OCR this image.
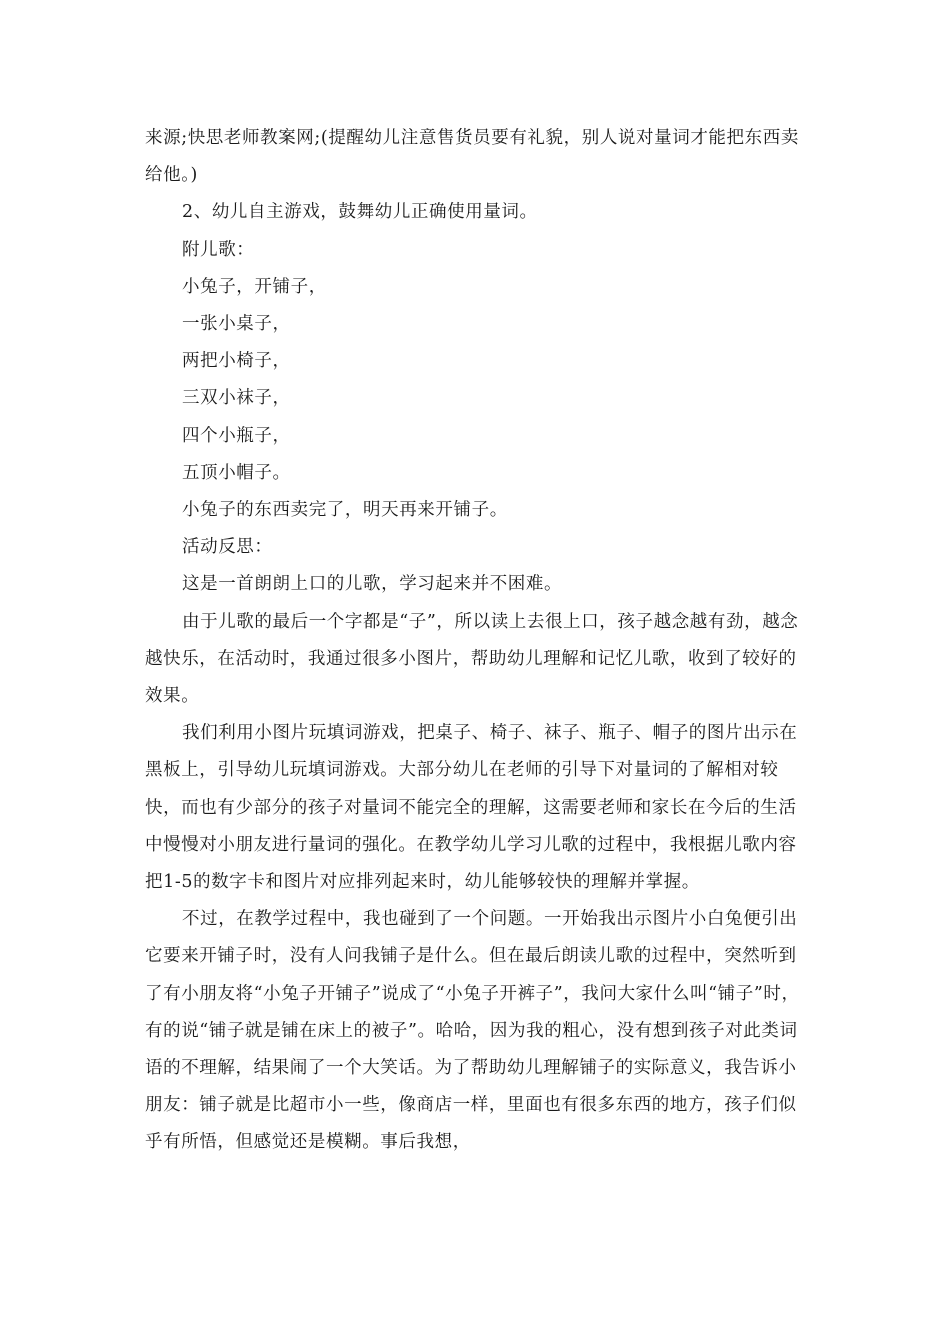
来源;快思老师教案网;(提醒幼儿注意售货员要有礼貌，别人说对量词才能把东西卖给他。)

2、幼儿自主游戏，鼓舞幼儿正确使用量词。

附儿歌：

小兔子，开铺子，

一张小桌子，

两把小椅子，

三双小袜子，

四个小瓶子，

五顶小帽子。

小兔子的东西卖完了，明天再来开铺子。

活动反思：

这是一首朗朗上口的儿歌，学习起来并不困难。

由于儿歌的最后一个字都是“子”，所以读上去很上口，孩子越念越有劲，越念越快乐，在活动时，我通过很多小图片，帮助幼儿理解和记忆儿歌，收到了较好的效果。

我们利用小图片玩填词游戏，把桌子、椅子、袜子、瓶子、帽子的图片出示在黑板上，引导幼儿玩填词游戏。大部分幼儿在老师的引导下对量词的了解相对较快，而也有少部分的孩子对量词不能完全的理解，这需要老师和家长在今后的生活中慢慢对小朋友进行量词的强化。在教学幼儿学习儿歌的过程中，我根据儿歌内容把1-5的数字卡和图片对应排列起来时，幼儿能够较快的理解并掌握。

不过，在教学过程中，我也碰到了一个问题。一开始我出示图片小白兔便引出它要来开铺子时，没有人问我铺子是什么。但在最后朗读儿歌的过程中，突然听到了有小朋友将“小兔子开铺子”说成了“小兔子开裤子”，我问大家什么叫“铺子”时，有的说“铺子就是铺在床上的被子”。哈哈，因为我的粗心，没有想到孩子对此类词语的不理解，结果闹了一个大笑话。为了帮助幼儿理解铺子的实际意义，我告诉小朋友：铺子就是比超市小一些，像商店一样，里面也有很多东西的地方，孩子们似乎有所悟，但感觉还是模糊。事后我想，
